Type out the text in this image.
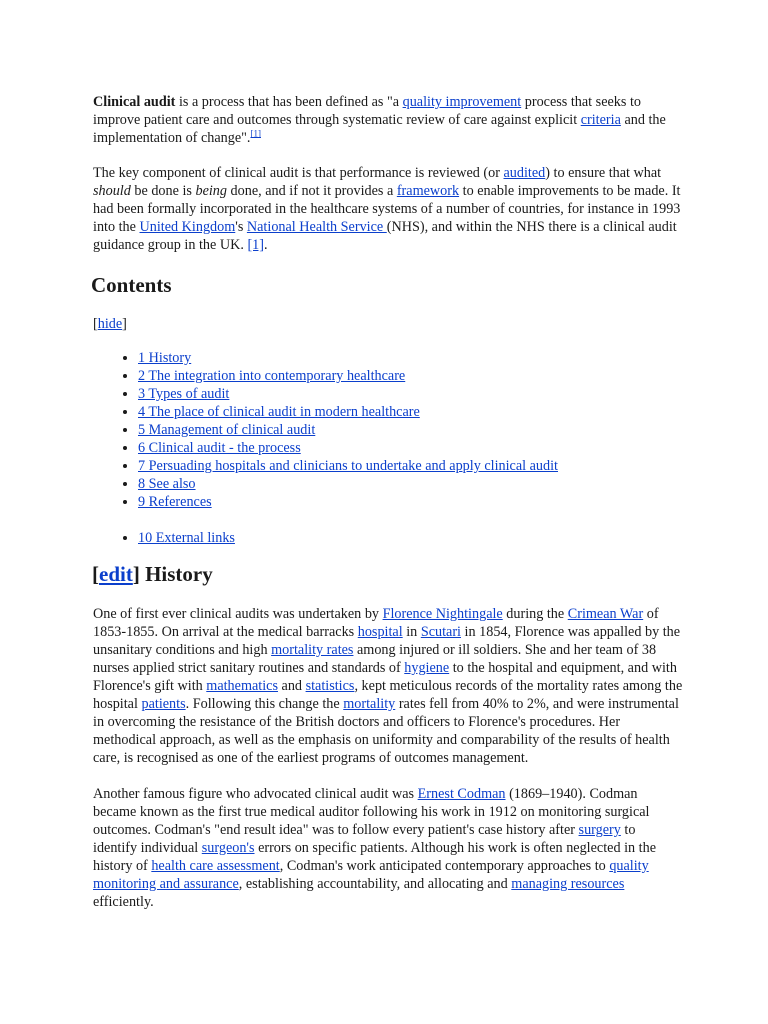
Clinical audit is a process that has been defined as "a quality improvement process that seeks to improve patient care and outcomes through systematic review of care against explicit criteria and the implementation of change".[1]

The key component of clinical audit is that performance is reviewed (or audited) to ensure that what should be done is being done, and if not it provides a framework to enable improvements to be made. It had been formally incorporated in the healthcare systems of a number of countries, for instance in 1993 into the United Kingdom's National Health Service (NHS), and within the NHS there is a clinical audit guidance group in the UK. [1].

Contents
[hide]
• 1 History
• 2 The integration into contemporary healthcare
• 3 Types of audit
• 4 The place of clinical audit in modern healthcare
• 5 Management of clinical audit
• 6 Clinical audit - the process
• 7 Persuading hospitals and clinicians to undertake and apply clinical audit
• 8 See also
• 9 References
• 10 External links
[edit] History

One of first ever clinical audits was undertaken by Florence Nightingale during the Crimean War of 1853-1855. On arrival at the medical barracks hospital in Scutari in 1854, Florence was appalled by the unsanitary conditions and high mortality rates among injured or ill soldiers. She and her team of 38 nurses applied strict sanitary routines and standards of hygiene to the hospital and equipment, and with Florence's gift with mathematics and statistics, kept meticulous records of the mortality rates among the hospital patients. Following this change the mortality rates fell from 40% to 2%, and were instrumental in overcoming the resistance of the British doctors and officers to Florence's procedures. Her methodical approach, as well as the emphasis on uniformity and comparability of the results of health care, is recognised as one of the earliest programs of outcomes management.

Another famous figure who advocated clinical audit was Ernest Codman (1869–1940). Codman became known as the first true medical auditor following his work in 1912 on monitoring surgical outcomes. Codman's "end result idea" was to follow every patient's case history after surgery to identify individual surgeon's errors on specific patients. Although his work is often neglected in the history of health care assessment, Codman's work anticipated contemporary approaches to quality monitoring and assurance, establishing accountability, and allocating and managing resources efficiently.
